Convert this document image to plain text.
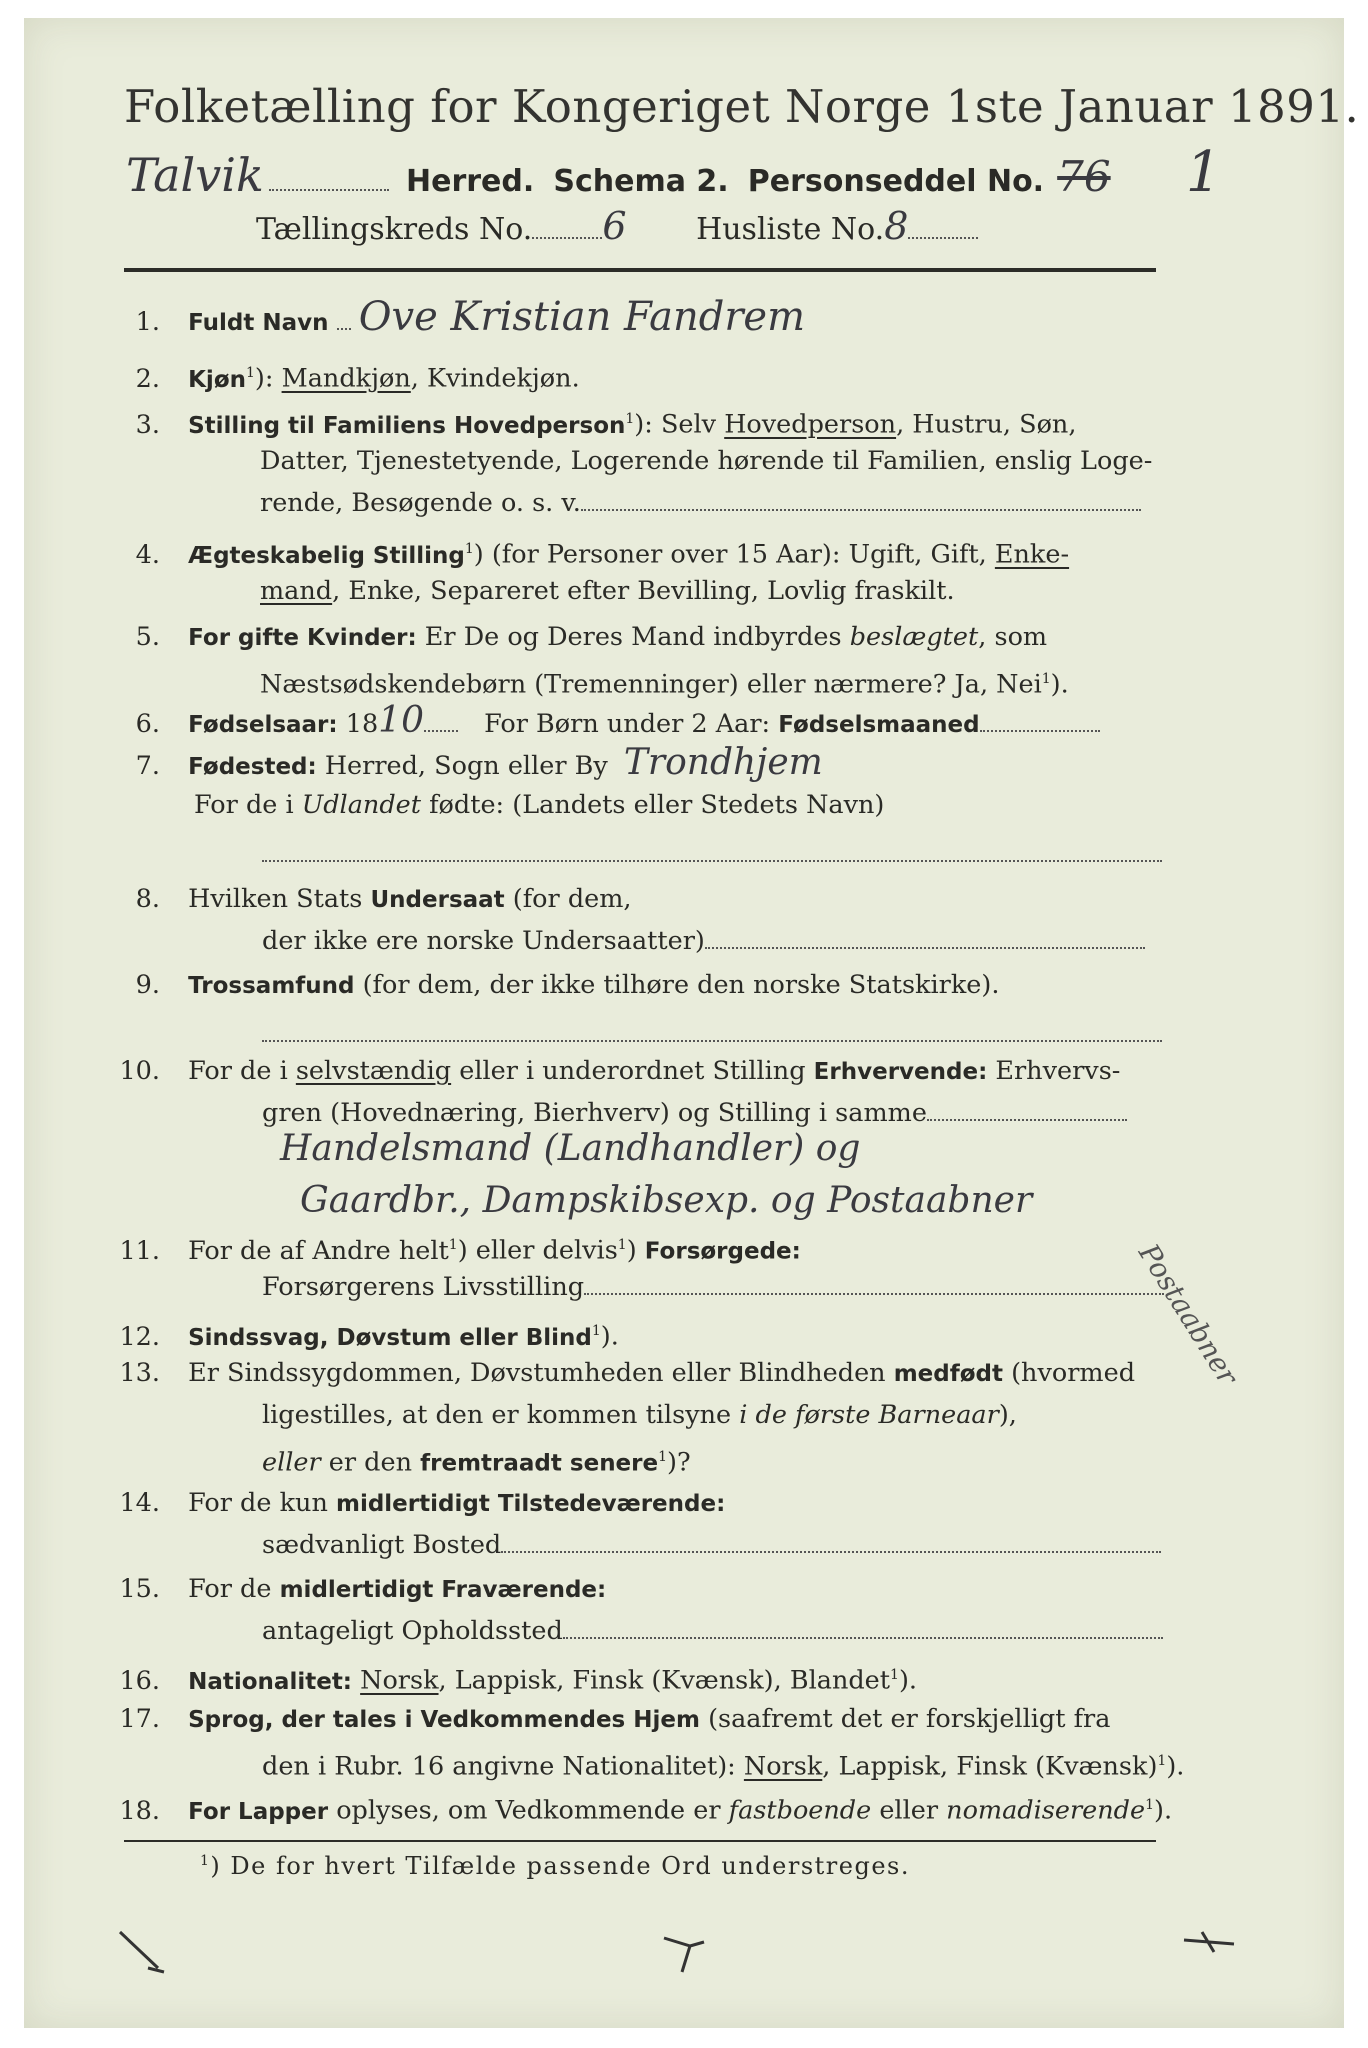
Folketælling for Kongeriget Norge 1ste Januar 1891.
Talvik	Herred. Schema 2. Personseddel No. 76 1
Tællingskreds No. 6 Husliste No.8
1. Fuldt Navn Ove Kristian Fandrem
2. Kjøn$^1$): Mandkjøn, Kvindekjøn.
3. Stilling til Familiens Hovedperson$^1$): Selv Hovedperson, Hustru, Søn,
Datter, Tjenestetyende, Logerende hørende til Familien, enslig Loge-
rende, Besøgende o. s. v.
4. Ægteskabelig Stilling$^1$) (for Personer over 15 Aar): Ugift, Gift, Enke-
mand, Enke, Separeret efter Bevilling, Lovlig fraskilt.
5. For gifte Kvinder: Er De og Deres Mand indbyrdes beslægtet, som
Næstsødskendebørn (Tremenninger) eller nærmere? Ja, Nei$^1$).
6. Fødselsaar: 1810 For Børn under 2 Aar: Fødselsmaaned
7. Fødested: Herred, Sogn eller By Trondhjem
For de i Udlandet fødte: (Landets eller Stedets Navn)
8. Hvilken Stats Undersaat (for dem,
der ikke ere norske Undersaatter)
9. Trossamfund (for dem, der ikke tilhøre den norske Statskirke).
10. For de i selvstændig eller i underordnet Stilling Erhvervende: Erhvervs-
gren (Hovednæring, Bierhverv) og Stilling i samme
Handelsmand (Landhandler) og
Gaardbr., Dampskibsexp. og Postaabner
11. For de af Andre helt$^1$) eller delvis$^1$) Forsørgede:
Forsørgerens Livsstilling	Postaabner
12. Sindssvag, Døvstum eller Blind$^1$).
13. Er Sindssygdommen, Døvstumheden eller Blindheden medfødt (hvormed
ligestilles, at den er kommen tilsyne i de første Barneaar),
eller er den fremtraadt senere$^1$)?
14. For de kun midlertidigt Tilstedeværende:
sædvanligt Bosted
15. For de midlertidigt Fraværende:
antageligt Opholdssted
16. Nationalitet: Norsk, Lappisk, Finsk (Kvænsk), Blandet$^1$).
17. Sprog, der tales i Vedkommendes Hjem (saafremt det er forskjelligt fra
den i Rubr. 16 angivne Nationalitet): Norsk, Lappisk, Finsk (Kvænsk)$^1$).
18. For Lapper oplyses, om Vedkommende er fastboende eller nomadiserende$^1$).
$^1$) De for hvert Tilfælde passende Ord understreges.
